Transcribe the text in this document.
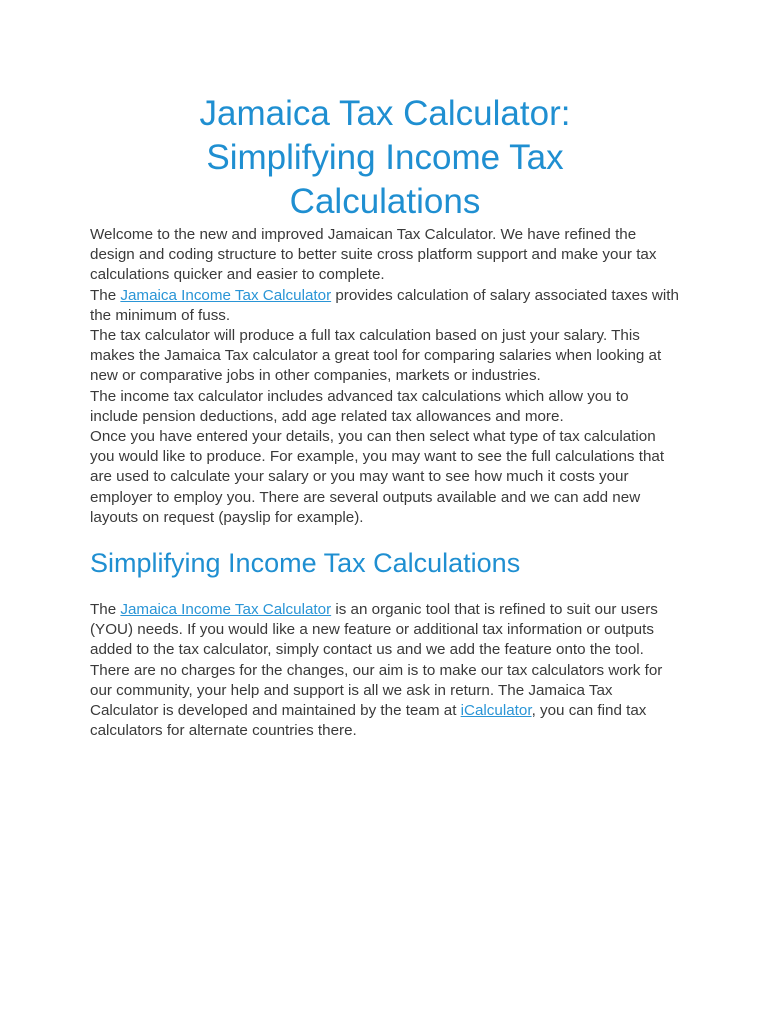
Jamaica Tax Calculator:
Simplifying Income Tax
Calculations

Welcome to the new and improved Jamaican Tax Calculator. We have refined the design and coding structure to better suite cross platform support and make your tax calculations quicker and easier to complete.

The Jamaica Income Tax Calculator provides calculation of salary associated taxes with the minimum of fuss.

The tax calculator will produce a full tax calculation based on just your salary. This makes the Jamaica Tax calculator a great tool for comparing salaries when looking at new or comparative jobs in other companies, markets or industries.

The income tax calculator includes advanced tax calculations which allow you to include pension deductions, add age related tax allowances and more.

Once you have entered your details, you can then select what type of tax calculation you would like to produce. For example, you may want to see the full calculations that are used to calculate your salary or you may want to see how much it costs your employer to employ you. There are several outputs available and we can add new layouts on request (payslip for example).

Simplifying Income Tax Calculations

The Jamaica Income Tax Calculator is an organic tool that is refined to suit our users (YOU) needs. If you would like a new feature or additional tax information or outputs added to the tax calculator, simply contact us and we add the feature onto the tool. There are no charges for the changes, our aim is to make our tax calculators work for our community, your help and support is all we ask in return. The Jamaica Tax Calculator is developed and maintained by the team at iCalculator, you can find tax calculators for alternate countries there.
